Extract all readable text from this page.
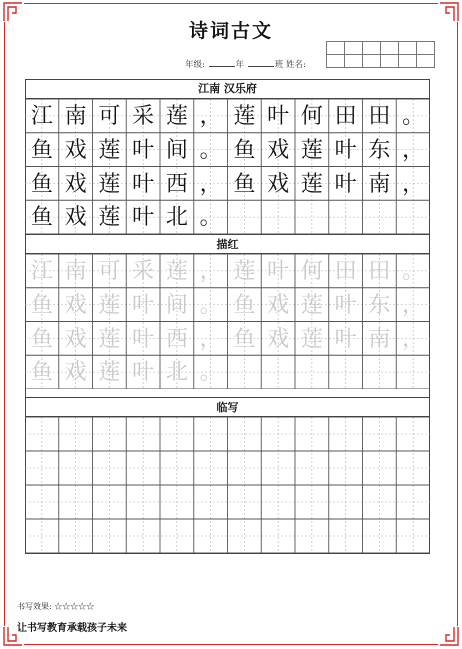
诗词古文
年级:	年	班 姓名:
江南 汉乐府
江 南 可 采 莲 ， 莲 叶 何 田 田 。
鱼 戏 莲 叶 间 。 鱼 戏 莲 叶 东 ，
鱼 戏 莲 叶 西 ， 鱼 戏 莲 叶 南 ，
鱼 戏 莲 叶 北 。
描红
江 南 可 采 莲 ， 莲 叶 何 田 田 。
鱼 戏 莲 叶 间 。 鱼 戏 莲 叶 东 ，
鱼 戏 莲 叶 西 ， 鱼 戏 莲 叶 南 ，
鱼 戏 莲 叶 北 。
临写
书写效果: ☆☆☆☆☆
让书写教育承载孩子未来
